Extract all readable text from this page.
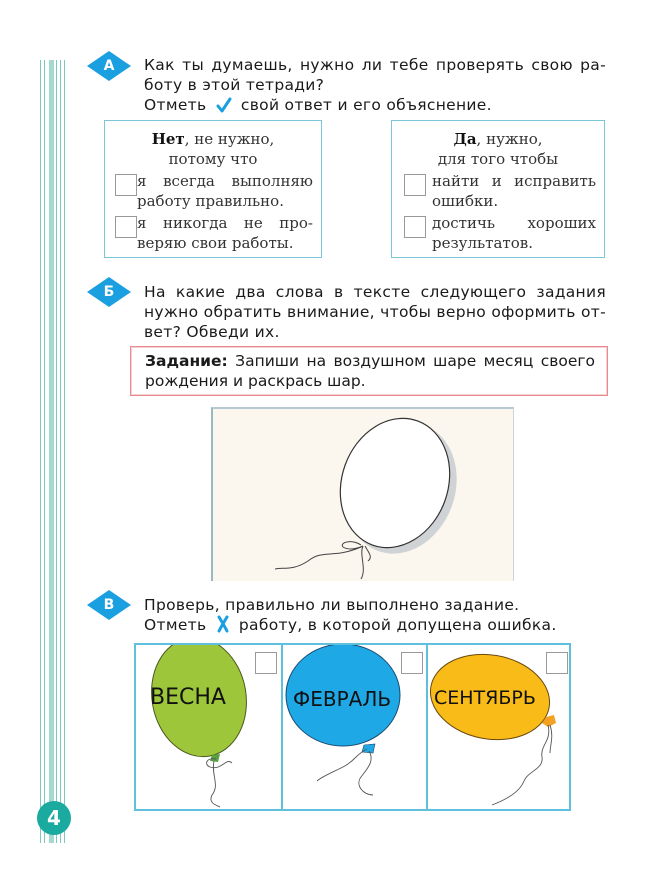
А	Как ты думаешь, нужно ли тебе проверять свою ра-

боту в этой тетради?

Отметь свой ответ и его объяснение.

Нет, не нужно,
потому что
я всегда выполняю работу правильно.
я никогда не про-веряю свои работы.
Да, нужно,
для того чтобы
найти и исправить ошибки.
достичь хороших результатов.
Б	На какие два слова в тексте следующего задания нужно обратить внимание, чтобы верно оформить от-вет? Обведи их.

Задание: Запиши на воздушном шаре месяц своего рождения и раскрась шар.

В	Проверь, правильно ли выполнено задание.

Отметь работу, в которой допущена ошибка.

ВЕСНА	ФЕВРАЛЬ СЕНТЯБРЬ
4
